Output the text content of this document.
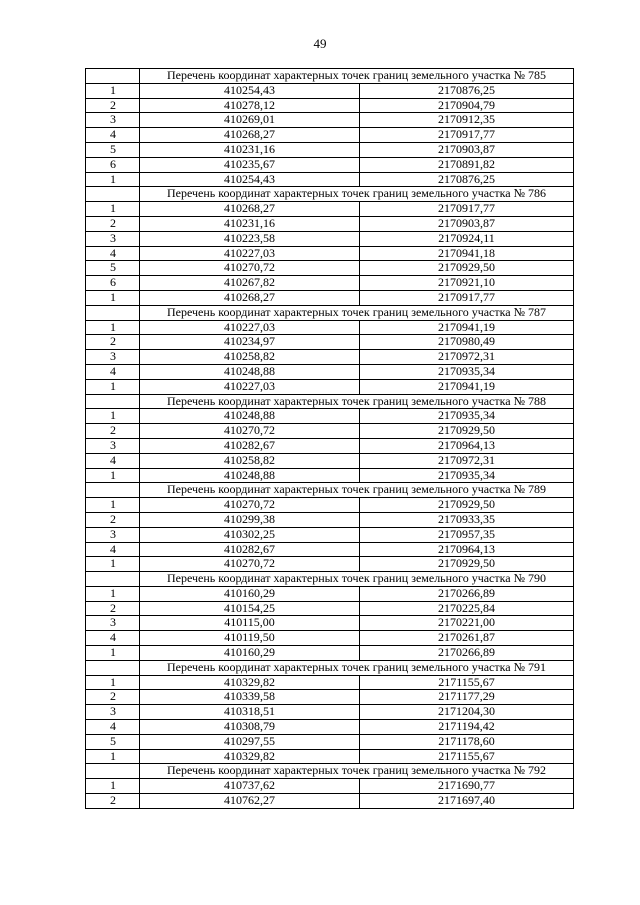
49
	Перечень координат характерных точек границ земельного участка № 785	
1	410254,43	2170876,25
2	410278,12	2170904,79
3	410269,01	2170912,35
4	410268,27	2170917,77
5	410231,16	2170903,87
6	410235,67	2170891,82
1	410254,43	2170876,25
	Перечень координат характерных точек границ земельного участка № 786	
1	410268,27	2170917,77
2	410231,16	2170903,87
3	410223,58	2170924,11
4	410227,03	2170941,18
5	410270,72	2170929,50
6	410267,82	2170921,10
1	410268,27	2170917,77
	Перечень координат характерных точек границ земельного участка № 787	
1	410227,03	2170941,19
2	410234,97	2170980,49
3	410258,82	2170972,31
4	410248,88	2170935,34
1	410227,03	2170941,19
	Перечень координат характерных точек границ земельного участка № 788	
1	410248,88	2170935,34
2	410270,72	2170929,50
3	410282,67	2170964,13
4	410258,82	2170972,31
1	410248,88	2170935,34
	Перечень координат характерных точек границ земельного участка № 789	
1	410270,72	2170929,50
2	410299,38	2170933,35
3	410302,25	2170957,35
4	410282,67	2170964,13
1	410270,72	2170929,50
	Перечень координат характерных точек границ земельного участка № 790	
1	410160,29	2170266,89
2	410154,25	2170225,84
3	410115,00	2170221,00
4	410119,50	2170261,87
1	410160,29	2170266,89
	Перечень координат характерных точек границ земельного участка № 791	
1	410329,82	2171155,67
2	410339,58	2171177,29
3	410318,51	2171204,30
4	410308,79	2171194,42
5	410297,55	2171178,60
1	410329,82	2171155,67
	Перечень координат характерных точек границ земельного участка № 792	
1	410737,62	2171690,77
2	410762,27	2171697,40
